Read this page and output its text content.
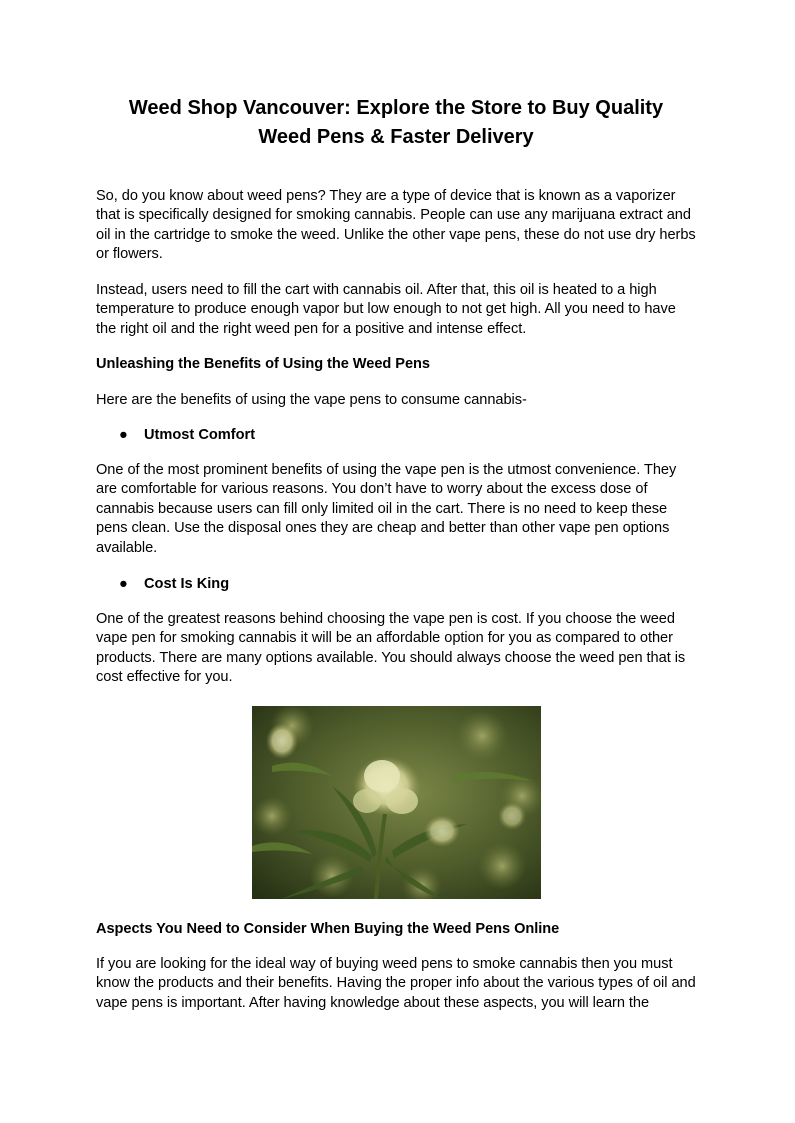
Weed Shop Vancouver: Explore the Store to Buy Quality
Weed Pens & Faster Delivery

So, do you know about weed pens? They are a type of device that is known as a vaporizer that is specifically designed for smoking cannabis. People can use any marijuana extract and oil in the cartridge to smoke the weed. Unlike the other vape pens, these do not use dry herbs or flowers.

Instead, users need to fill the cart with cannabis oil. After that, this oil is heated to a high temperature to produce enough vapor but low enough to not get high. All you need to have the right oil and the right weed pen for a positive and intense effect.

Unleashing the Benefits of Using the Weed Pens

Here are the benefits of using the vape pens to consume cannabis-

● Utmost Comfort

One of the most prominent benefits of using the vape pen is the utmost convenience. They are comfortable for various reasons. You don’t have to worry about the excess dose of cannabis because users can fill only limited oil in the cart. There is no need to keep these pens clean. Use the disposal ones they are cheap and better than other vape pen options available.

● Cost Is King

One of the greatest reasons behind choosing the vape pen is cost. If you choose the weed vape pen for smoking cannabis it will be an affordable option for you as compared to other products. There are many options available. You should always choose the weed pen that is cost effective for you.

Aspects You Need to Consider When Buying the Weed Pens Online

If you are looking for the ideal way of buying weed pens to smoke cannabis then you must know the products and their benefits. Having the proper info about the various types of oil and vape pens is important. After having knowledge about these aspects, you will learn the
